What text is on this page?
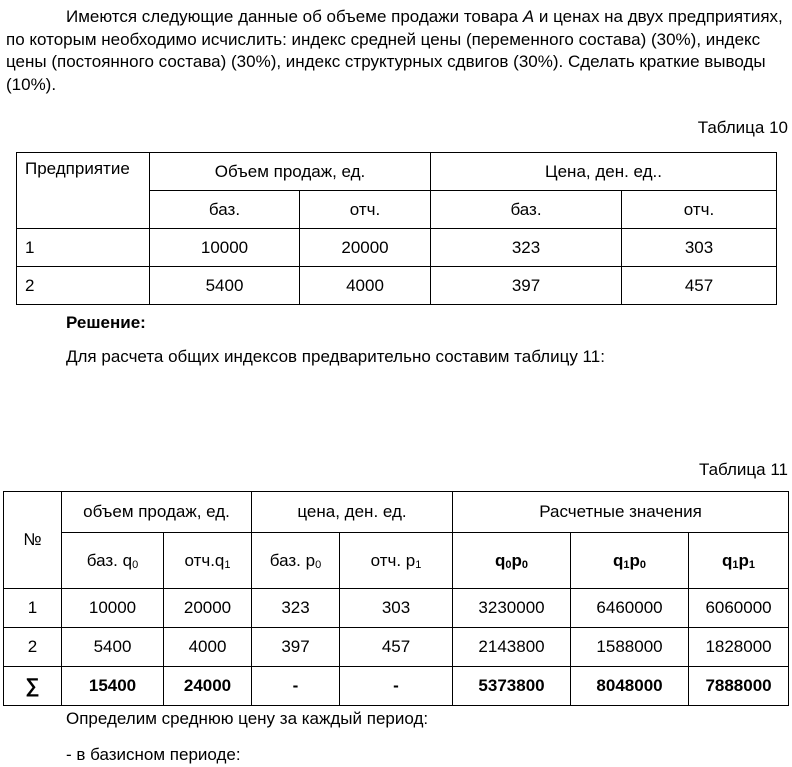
Имеются следующие данные об объеме продажи товара А и ценах на двух предприятиях, по которым необходимо исчислить: индекс средней цены (переменного состава) (30%), индекс цены (постоянного состава) (30%), индекс структурных сдвигов (30%). Сделать краткие выводы (10%).
Таблица 10
Предприятие	Объем продаж, ед.		Цена, ден. ед..	
	баз.	отч.	баз.	отч.
1	10000	20000	323	303
2	5400	4000	397	457
Решение:
Для расчета общих индексов предварительно составим таблицу 11:
Таблица 11
№	объем продаж, ед.		цена, ден. ед.		Расчетные значения		
	баз. $q_0$	$отч.q_1$	баз. $p_0$	отч. $p_1$	$q_0p_0$	$q_1p_0$	$q_1p_1$
1	10000	20000	323	303	3230000	6460000	6060000
2	5400	4000	397	457	2143800	1588000	1828000
∑	15400	24000	-	-	5373800	8048000	7888000
Определим среднюю цену за каждый период:
- в базисном периоде:
